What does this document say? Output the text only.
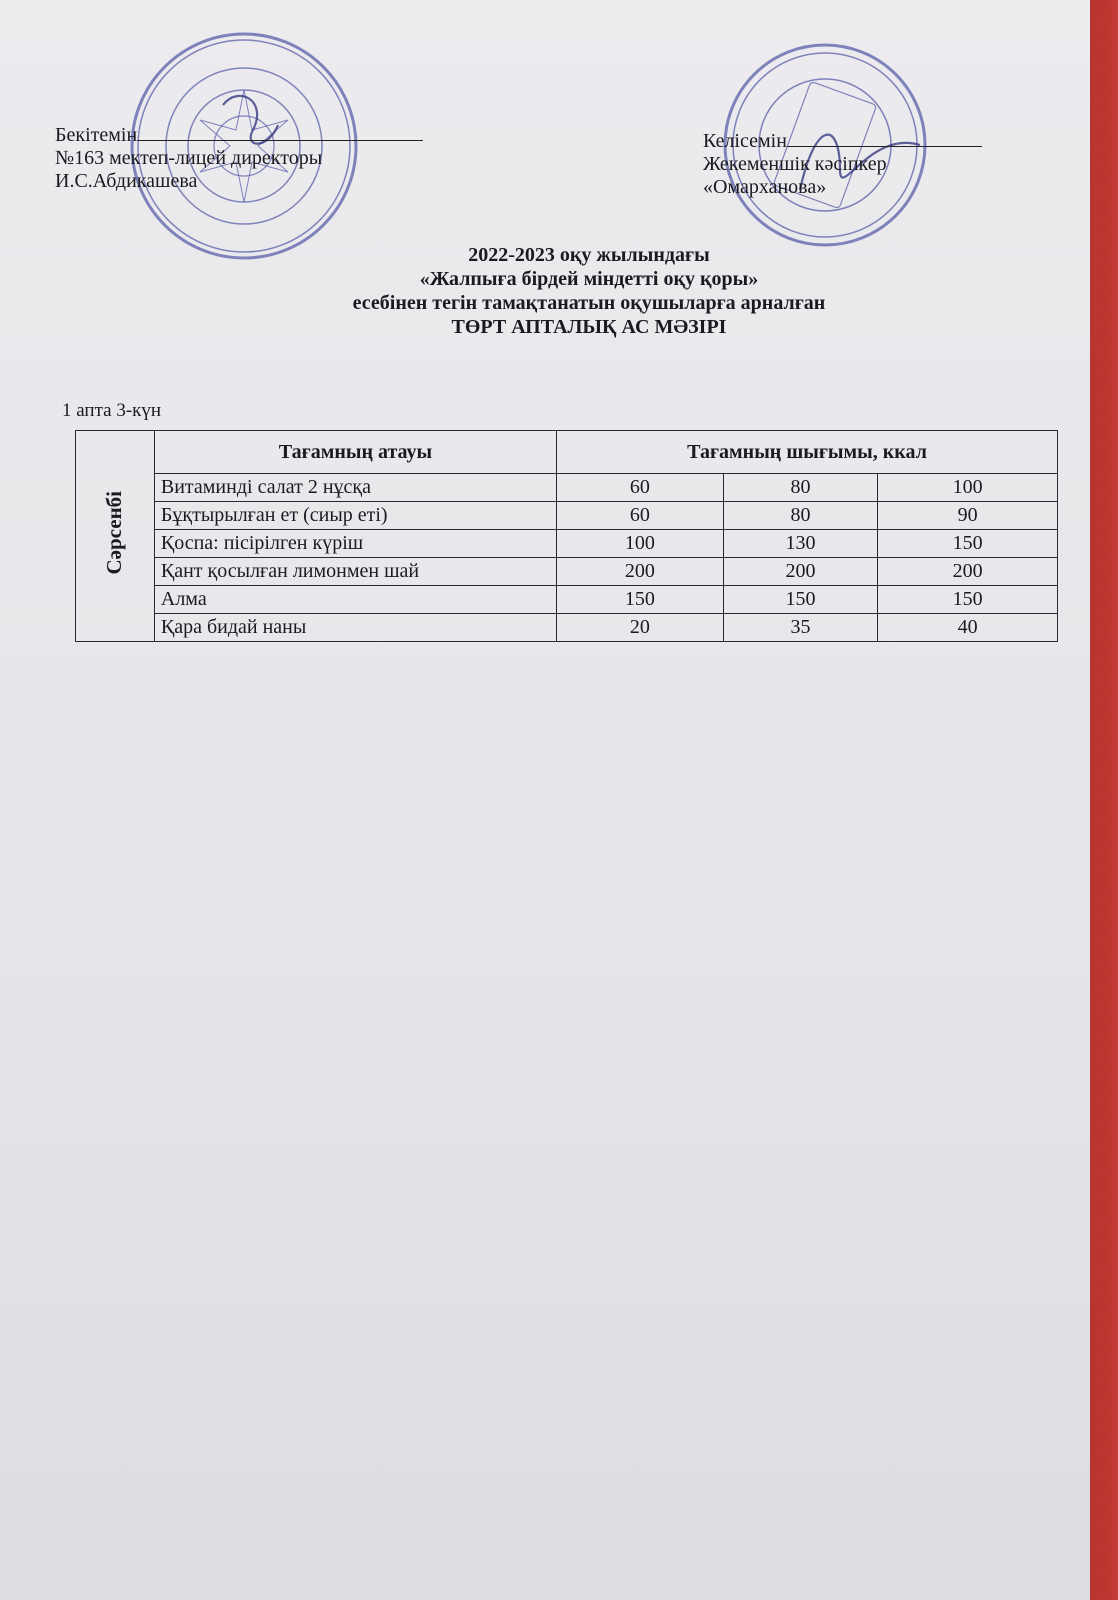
Бекітемін
№163 мектеп-лицей директоры
И.С.Абдикашева
Келісемін
Жекеменшік кәсіпкер
«Омарханова»
2022-2023 оқу жылындағы
«Жалпыға бірдей міндетті оқу қоры»
есебінен тегін тамақтанатын оқушыларға арналған
ТӨРТ АПТАЛЫҚ АС МӘЗІРІ
1 апта 3-күн
Сәрсенбі	Тағамның атауы	Тағамның шығымы, ккал		
	Витаминді салат 2 нұсқа	60	80	100
	Бұқтырылған ет (сиыр еті)	60	80	90
	Қоспа: пісірілген күріш	100	130	150
	Қант қосылған лимонмен шай	200	200	200
	Алма	150	150	150
	Қара бидай наны	20	35	40
